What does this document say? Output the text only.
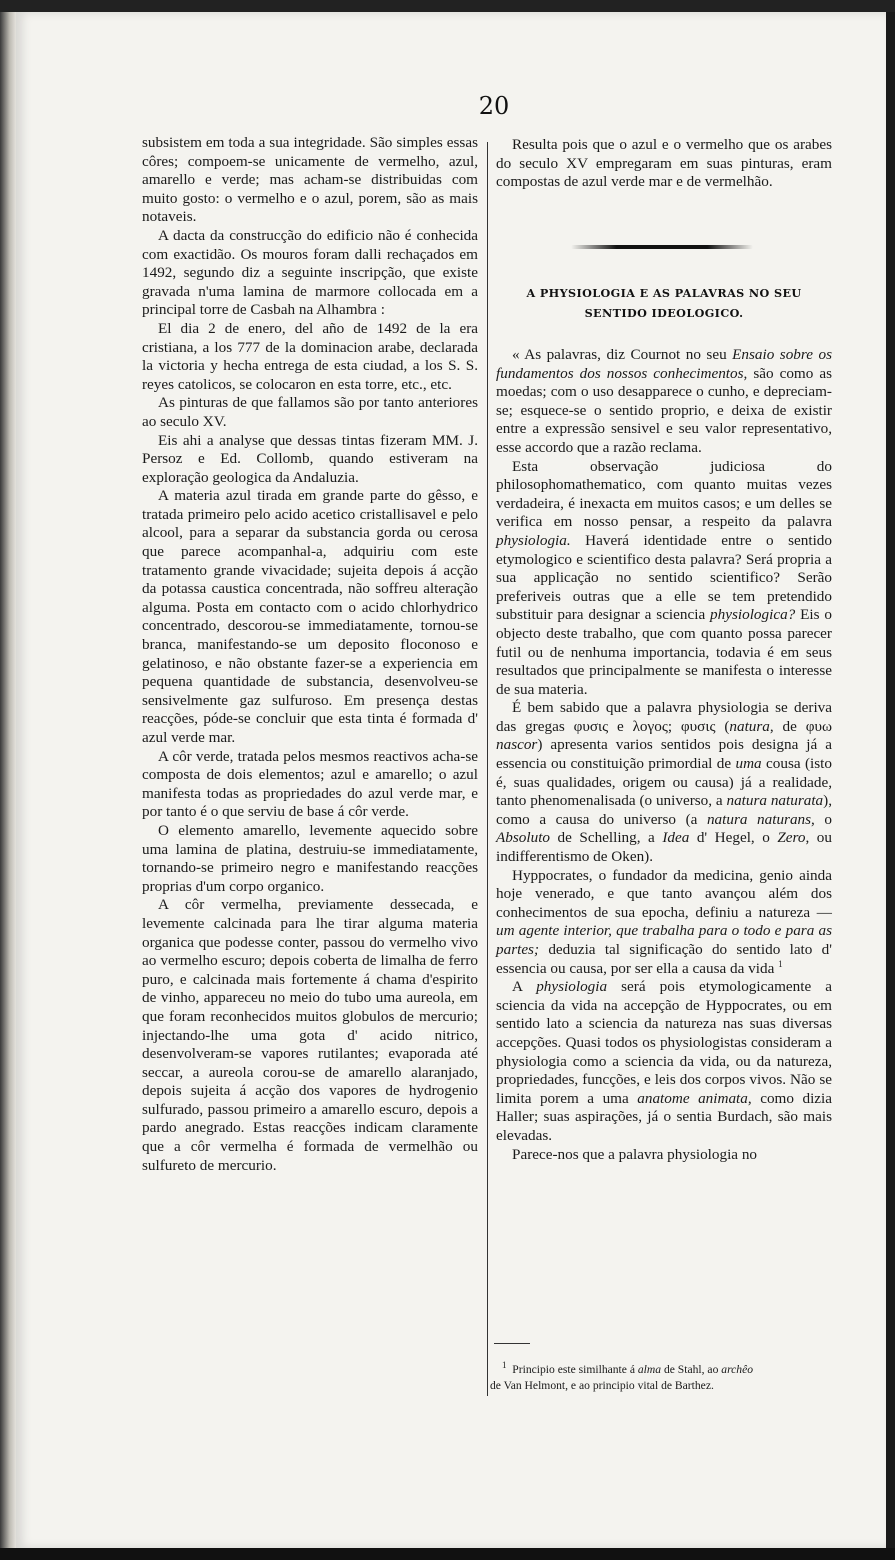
20

subsistem em toda a sua integridade. São simples essas côres; compoem-se unicamente de vermelho, azul, amarello e verde; mas acham-se distribuidas com muito gosto: o vermelho e o azul, porem, são as mais notaveis.

A dacta da construcção do edificio não é conhecida com exactidão. Os mouros foram dalli rechaçados em 1492, segundo diz a seguinte inscripção, que existe gravada n'uma lamina de marmore collocada em a principal torre de Casbah na Alhambra :

El dia 2 de enero, del año de 1492 de la era cristiana, a los 777 de la dominacion arabe, declarada la victoria y hecha entrega de esta ciudad, a los S. S. reyes catolicos, se colocaron en esta torre, etc., etc.

As pinturas de que fallamos são por tanto anteriores ao seculo XV.

Eis ahi a analyse que dessas tintas fizeram MM. J. Persoz e Ed. Collomb, quando estiveram na exploração geologica da Andaluzia.

A materia azul tirada em grande parte do gêsso, e tratada primeiro pelo acido acetico cristallisavel e pelo alcool, para a separar da substancia gorda ou cerosa que parece acompanhal-a, adquiriu com este tratamento grande vivacidade; sujeita depois á acção da potassa caustica concentrada, não soffreu alteração alguma. Posta em contacto com o acido chlorhydrico concentrado, descorou-se immediatamente, tornou-se branca, manifestando-se um deposito floconoso e gelatinoso, e não obstante fazer-se a experiencia em pequena quantidade de substancia, desenvolveu-se sensivelmente gaz sulfuroso. Em presença destas reacções, póde-se concluir que esta tinta é formada d' azul verde mar.

A côr verde, tratada pelos mesmos reactivos acha-se composta de dois elementos; azul e amarello; o azul manifesta todas as propriedades do azul verde mar, e por tanto é o que serviu de base á côr verde.

O elemento amarello, levemente aquecido sobre uma lamina de platina, destruiu-se immediatamente, tornando-se primeiro negro e manifestando reacções proprias d'um corpo organico.

A côr vermelha, previamente dessecada, e levemente calcinada para lhe tirar alguma materia organica que podesse conter, passou do vermelho vivo ao vermelho escuro; depois coberta de limalha de ferro puro, e calcinada mais fortemente á chama d'espirito de vinho, appareceu no meio do tubo uma aureola, em que foram reconhecidos muitos globulos de mercurio; injectando-lhe uma gota d' acido nitrico, desenvolveram-se vapores rutilantes; evaporada até seccar, a aureola corou-se de amarello alaranjado, depois sujeita á acção dos vapores de hydrogenio sulfurado, passou primeiro a amarello escuro, depois a pardo anegrado. Estas reacções indicam claramente que a côr vermelha é formada de vermelhão ou sulfureto de mercurio.

Resulta pois que o azul e o vermelho que os arabes do seculo XV empregaram em suas pinturas, eram compostas de azul verde mar e de vermelhão.

A PHYSIOLOGIA E AS PALAVRAS NO SEU
SENTIDO IDEOLOGICO.

« As palavras, diz Cournot no seu Ensaio sobre os fundamentos dos nossos conhecimentos, são como as moedas; com o uso desapparece o cunho, e depreciam-se; esquece-se o sentido proprio, e deixa de existir entre a expressão sensivel e seu valor representativo, esse accordo que a razão reclama.

Esta observação judiciosa do philosophomathematico, com quanto muitas vezes verdadeira, é inexacta em muitos casos; e um delles se verifica em nosso pensar, a respeito da palavra physiologia. Haverá identidade entre o sentido etymologico e scientifico desta palavra? Será propria a sua applicação no sentido scientifico? Serão preferiveis outras que a elle se tem pretendido substituir para designar a sciencia physiologica? Eis o objecto deste trabalho, que com quanto possa parecer futil ou de nenhuma importancia, todavia é em seus resultados que principalmente se manifesta o interesse de sua materia.

É bem sabido que a palavra physiologia se deriva das gregas φυσις e λογος; φυσις (natura, de φυω nascor) apresenta varios sentidos pois designa já a essencia ou constituição primordial de uma cousa (isto é, suas qualidades, origem ou causa) já a realidade, tanto phenomenalisada (o universo, a natura naturata), como a causa do universo (a natura naturans, o Absoluto de Schelling, a Idea d' Hegel, o Zero, ou indifferentismo de Oken).

Hyppocrates, o fundador da medicina, genio ainda hoje venerado, e que tanto avançou além dos conhecimentos de sua epocha, definiu a natureza — um agente interior, que trabalha para o todo e para as partes; deduzia tal significação do sentido lato d' essencia ou causa, por ser ella a causa da vida $^1$

A physiologia será pois etymologicamente a sciencia da vida na accepção de Hyppocrates, ou em sentido lato a sciencia da natureza nas suas diversas accepções. Quasi todos os physiologistas consideram a physiologia como a sciencia da vida, ou da natureza, propriedades, funcções, e leis dos corpos vivos. Não se limita porem a uma anatome animata, como dizia Haller; suas aspirações, já o sentia Burdach, são mais elevadas.

Parece-nos que a palavra physiologia no

$^1$ Principio este similhante á alma de Stahl, ao archêo
de Van Helmont, e ao principio vital de Barthez.
